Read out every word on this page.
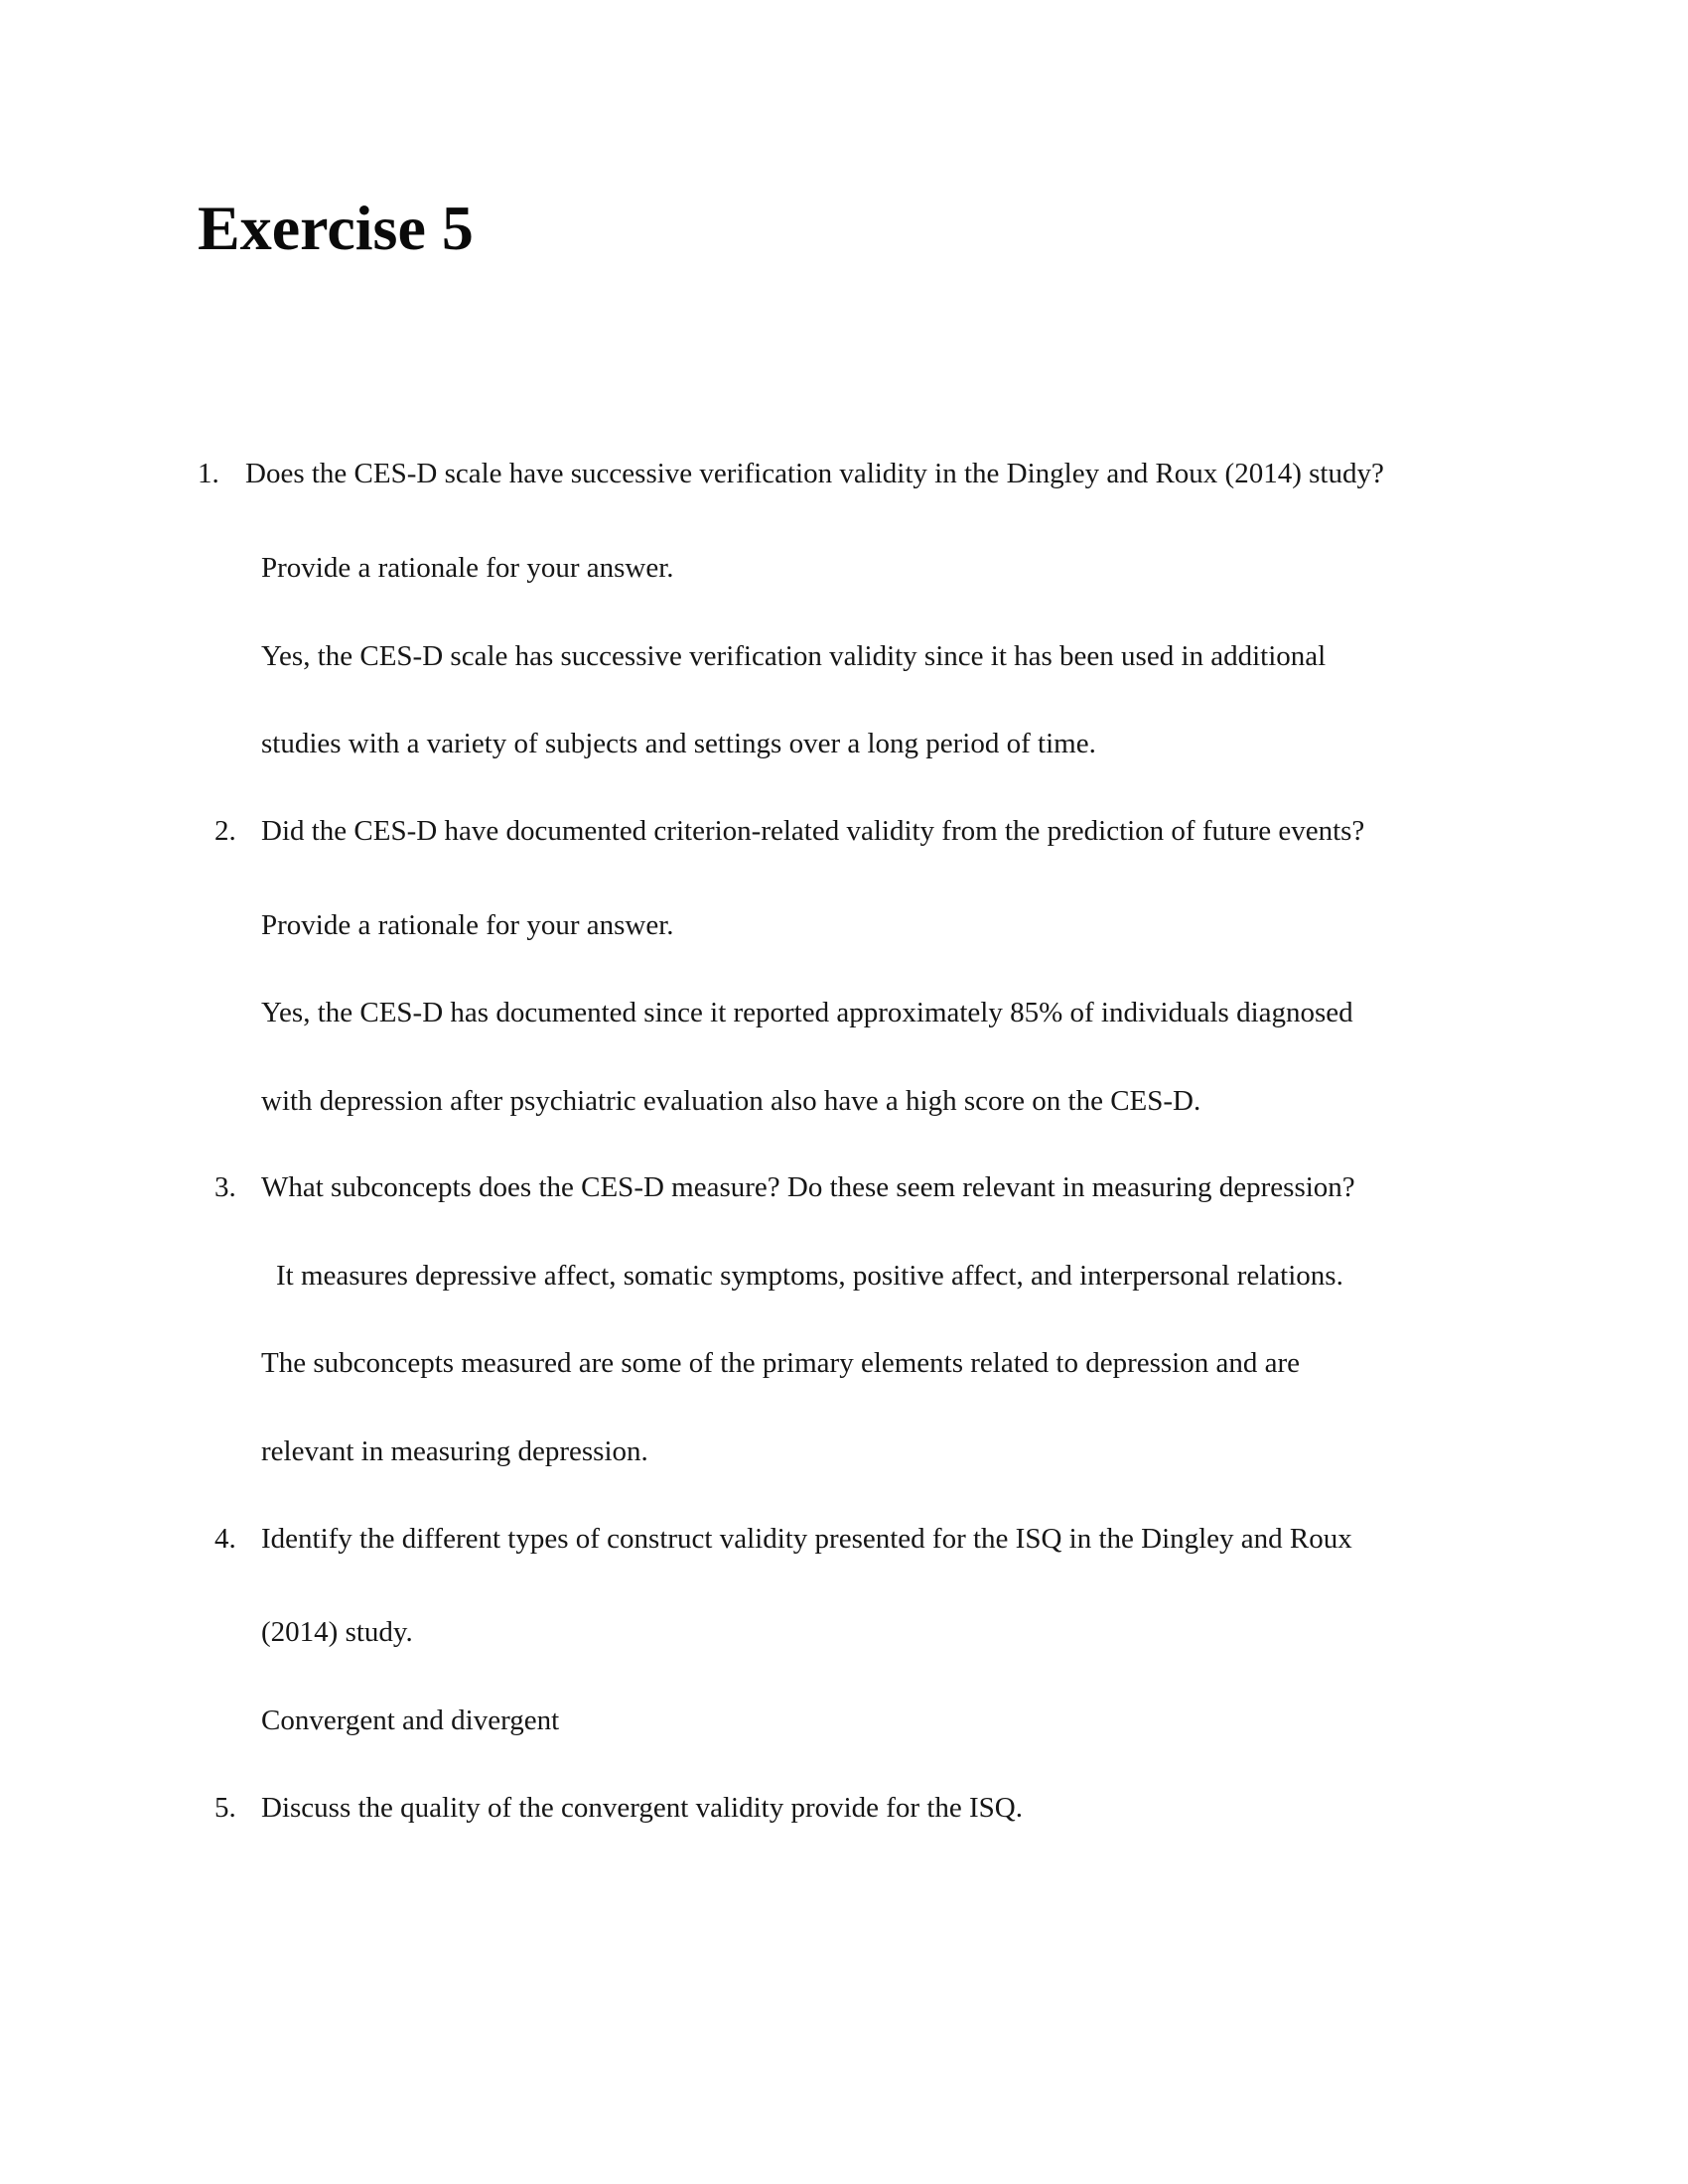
Exercise 5
1. Does the CES-D scale have successive verification validity in the Dingley and Roux (2014) study?
Provide a rationale for your answer.
Yes, the CES-D scale has successive verification validity since it has been used in additional
studies with a variety of subjects and settings over a long period of time.
2. Did the CES-D have documented criterion-related validity from the prediction of future events?
Provide a rationale for your answer.
Yes, the CES-D has documented since it reported approximately 85% of individuals diagnosed
with depression after psychiatric evaluation also have a high score on the CES-D.
3. What subconcepts does the CES-D measure? Do these seem relevant in measuring depression?
It measures depressive affect, somatic symptoms, positive affect, and interpersonal relations.
The subconcepts measured are some of the primary elements related to depression and are
relevant in measuring depression.
4. Identify the different types of construct validity presented for the ISQ in the Dingley and Roux
(2014) study.
Convergent and divergent
5. Discuss the quality of the convergent validity provide for the ISQ.
